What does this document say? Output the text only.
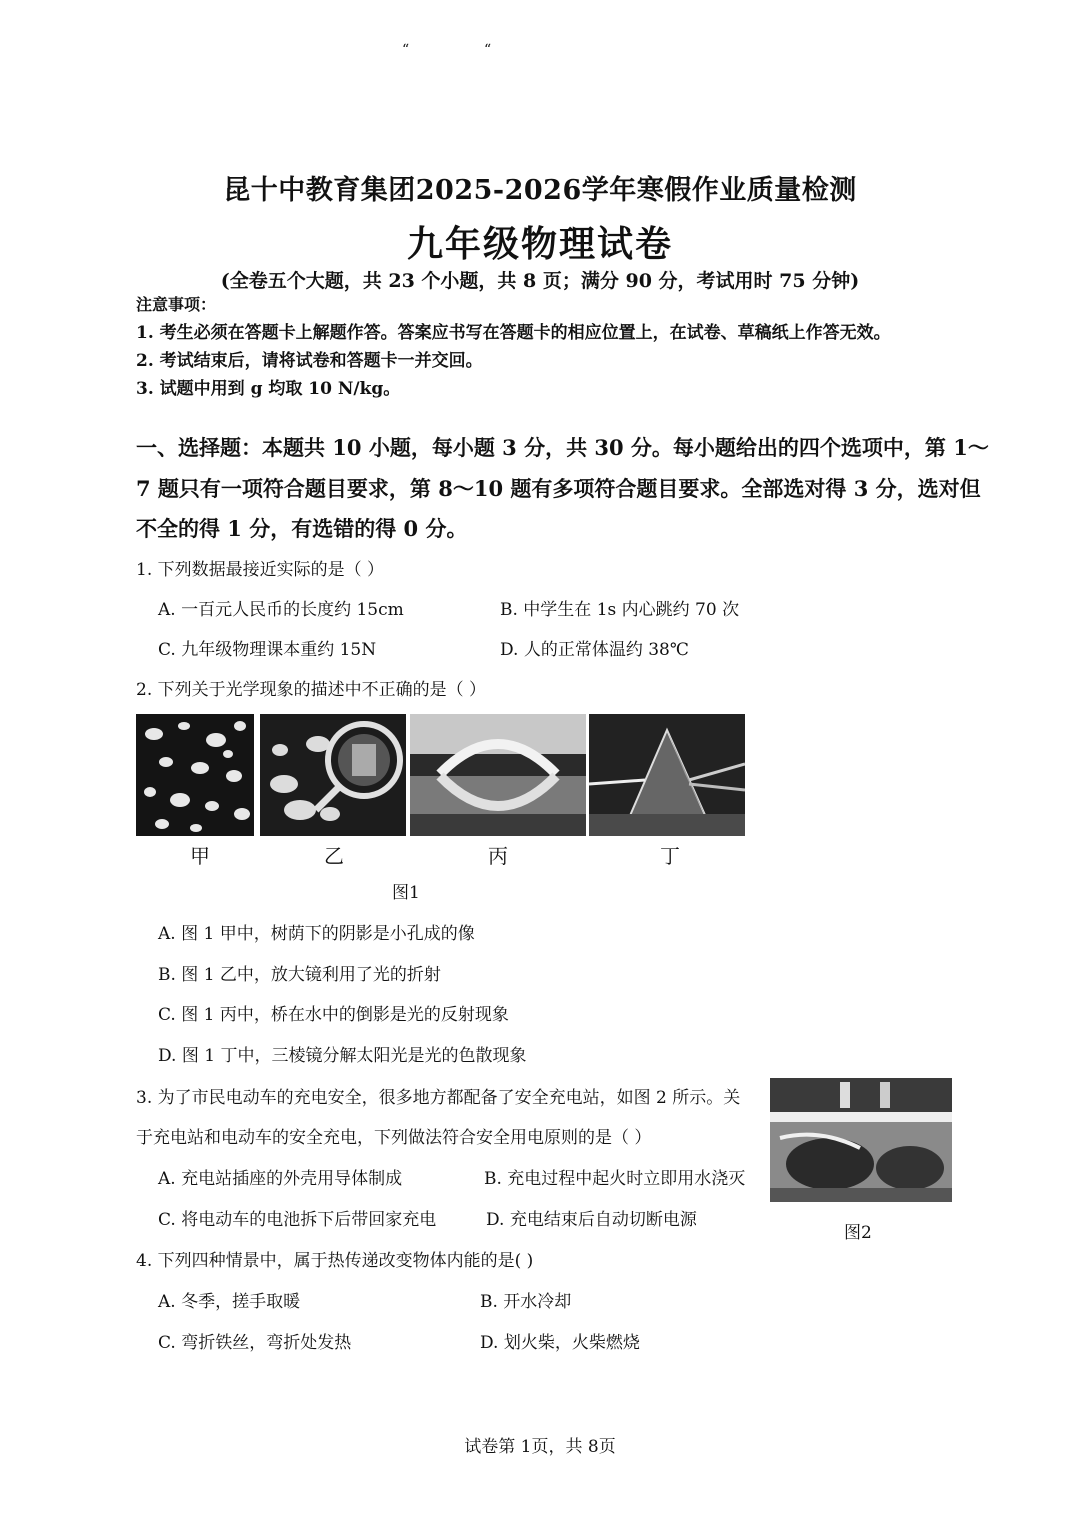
“	“
昆十中教育集团2025-2026学年寒假作业质量检测
九年级物理试卷
(全卷五个大题，共 23 个小题，共 8 页；满分 90 分，考试用时 75 分钟)
注意事项：
1. 考生必须在答题卡上解题作答。答案应书写在答题卡的相应位置上，在试卷、草稿纸上作答无效。
2. 考试结束后，请将试卷和答题卡一并交回。
3. 试题中用到 g 均取 10 N/kg。
一、选择题：本题共 10 小题，每小题 3 分，共 30 分。每小题给出的四个选项中，第 1～
7 题只有一项符合题目要求，第 8～10 题有多项符合题目要求。全部选对得 3 分，选对但
不全的得 1 分，有选错的得 0 分。
1. 下列数据最接近实际的是（ ）
A. 一百元人民币的长度约 15cm	B. 中学生在 1s 内心跳约 70 次
C. 九年级物理课本重约 15N	D. 人的正常体温约 38℃
2. 下列关于光学现象的描述中不正确的是（ ）
甲	乙	丙	丁
图1
A. 图 1 甲中，树荫下的阴影是小孔成的像
B. 图 1 乙中，放大镜利用了光的折射
C. 图 1 丙中，桥在水中的倒影是光的反射现象
D. 图 1 丁中，三棱镜分解太阳光是光的色散现象
3. 为了市民电动车的充电安全，很多地方都配备了安全充电站，如图 2 所示。关
于充电站和电动车的安全充电，下列做法符合安全用电原则的是（ ）
A. 充电站插座的外壳用导体制成	B. 充电过程中起火时立即用水浇灭
C. 将电动车的电池拆下后带回家充电	D. 充电结束后自动切断电源
图2
4. 下列四种情景中，属于热传递改变物体内能的是( )
A. 冬季，搓手取暖	B. 开水冷却
C. 弯折铁丝，弯折处发热	D. 划火柴，火柴燃烧
试卷第 1页，共 8页
